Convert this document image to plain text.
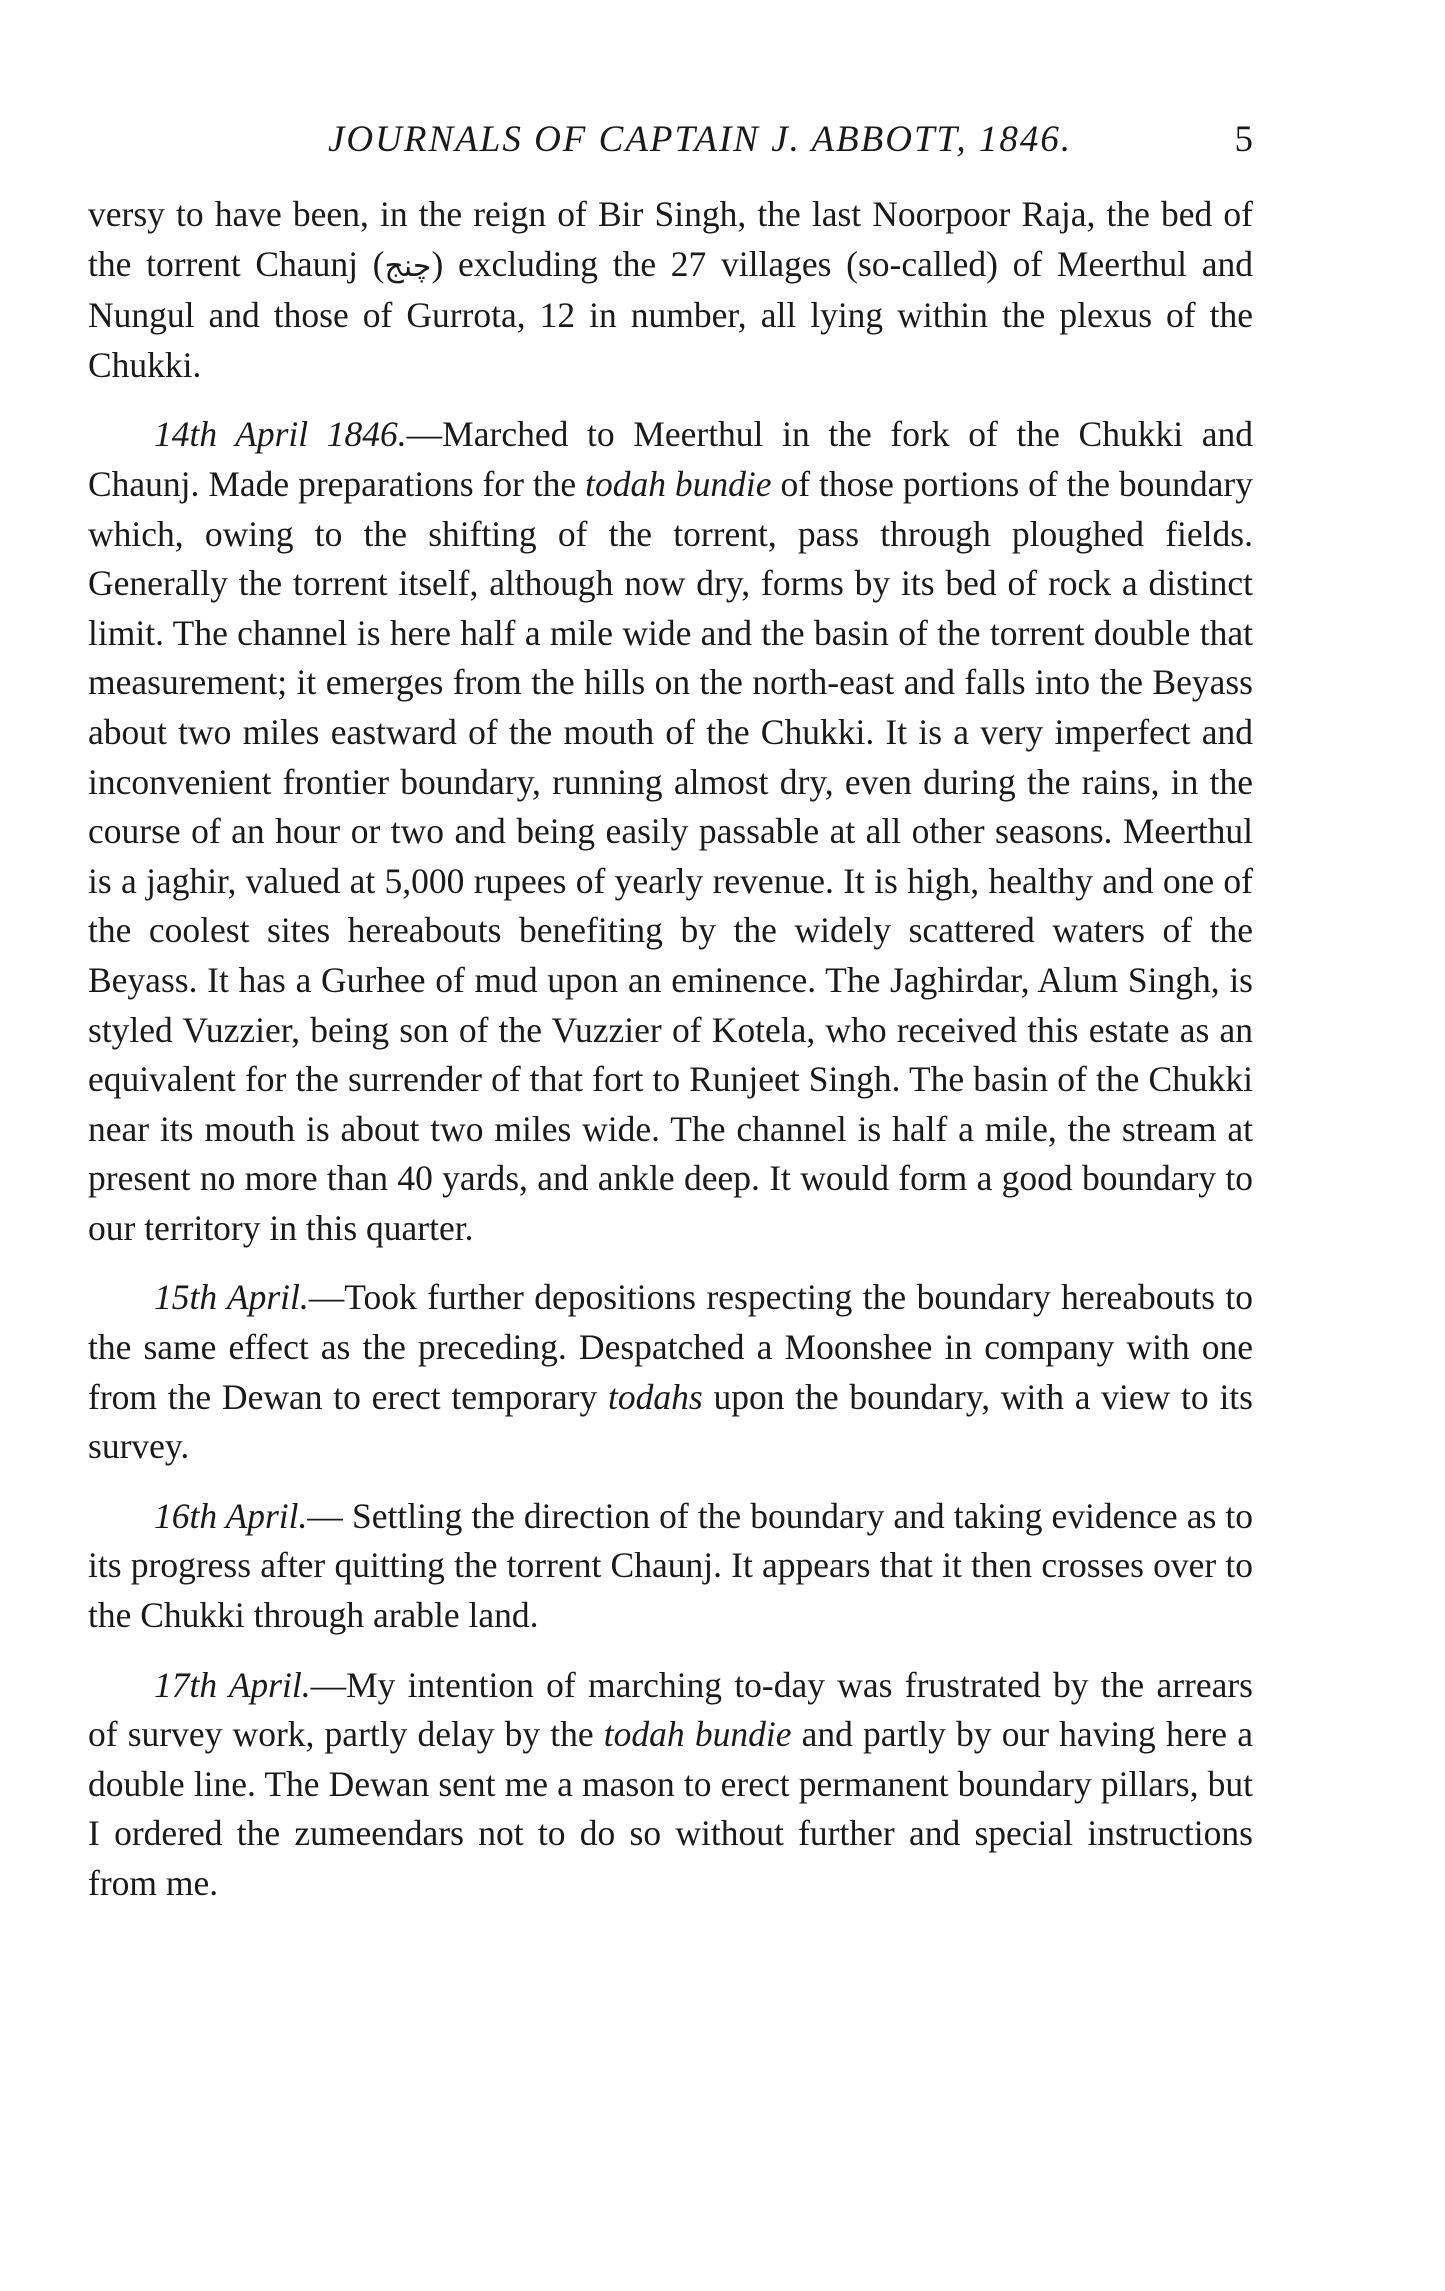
JOURNALS OF CAPTAIN J. ABBOTT, 1846.	5

versy to have been, in the reign of Bir Singh, the last Noorpoor Raja, the bed of the torrent Chaunj (چنج) excluding the 27 villages (so-called) of Meerthul and Nungul and those of Gurrota, 12 in number, all lying within the plexus of the Chukki.

14th April 1846.—Marched to Meerthul in the fork of the Chukki and Chaunj. Made preparations for the todah bundie of those portions of the boundary which, owing to the shifting of the torrent, pass through ploughed fields. Generally the torrent itself, although now dry, forms by its bed of rock a distinct limit. The channel is here half a mile wide and the basin of the torrent double that measurement; it emerges from the hills on the north-east and falls into the Beyass about two miles eastward of the mouth of the Chukki. It is a very imperfect and inconvenient frontier boundary, running almost dry, even during the rains, in the course of an hour or two and being easily passable at all other seasons. Meerthul is a jaghir, valued at 5,000 rupees of yearly revenue. It is high, healthy and one of the coolest sites hereabouts benefiting by the widely scattered waters of the Beyass. It has a Gurhee of mud upon an eminence. The Jaghirdar, Alum Singh, is styled Vuzzier, being son of the Vuzzier of Kotela, who received this estate as an equivalent for the surrender of that fort to Runjeet Singh. The basin of the Chukki near its mouth is about two miles wide. The channel is half a mile, the stream at present no more than 40 yards, and ankle deep. It would form a good boundary to our territory in this quarter.

15th April.—Took further depositions respecting the boundary hereabouts to the same effect as the preceding. Despatched a Moonshee in company with one from the Dewan to erect temporary todahs upon the boundary, with a view to its survey.

16th April.— Settling the direction of the boundary and taking evidence as to its progress after quitting the torrent Chaunj. It appears that it then crosses over to the Chukki through arable land.

17th April.—My intention of marching to-day was frustrated by the arrears of survey work, partly delay by the todah bundie and partly by our having here a double line. The Dewan sent me a mason to erect permanent boundary pillars, but I ordered the zumeendars not to do so without further and special instructions from me.
